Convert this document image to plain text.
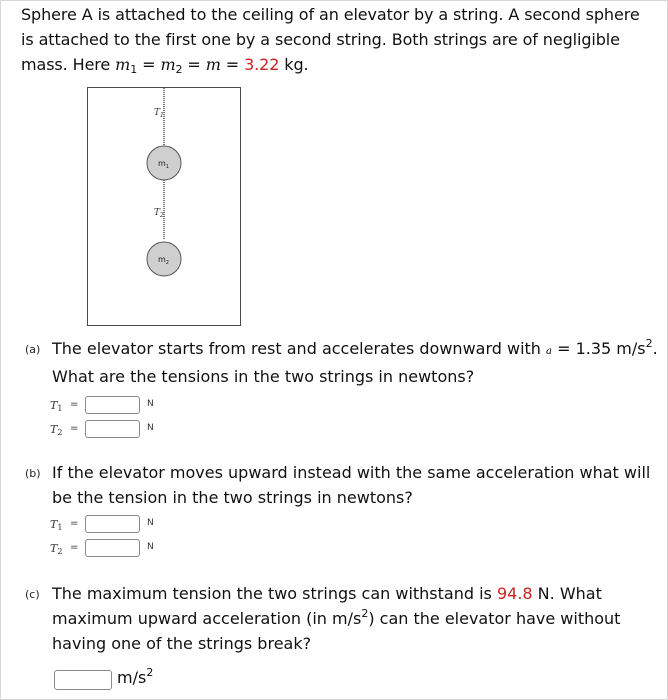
Sphere A is attached to the ceiling of an elevator by a string. A second sphere is attached to the first one by a second string. Both strings are of negligible mass. Here $m_1 = m_2 = m = 3.22$ kg.
$T_1$
$T_2$
$m_1$
$m_2$
(a) The elevator starts from rest and accelerates downward with a = 1.35 $m/s^2$. What are the tensions in the two strings in newtons?
$T_1$ =	N
$T_2$ =	N
(b) If the elevator moves upward instead with the same acceleration what will be the tension in the two strings in newtons?
$T_1$ =	N
$T_2$ =	N
(c) The maximum tension the two strings can withstand is 94.8 N. What maximum upward acceleration (in $m/s^2$) can the elevator have without having one of the strings break?
$m/s^2$
